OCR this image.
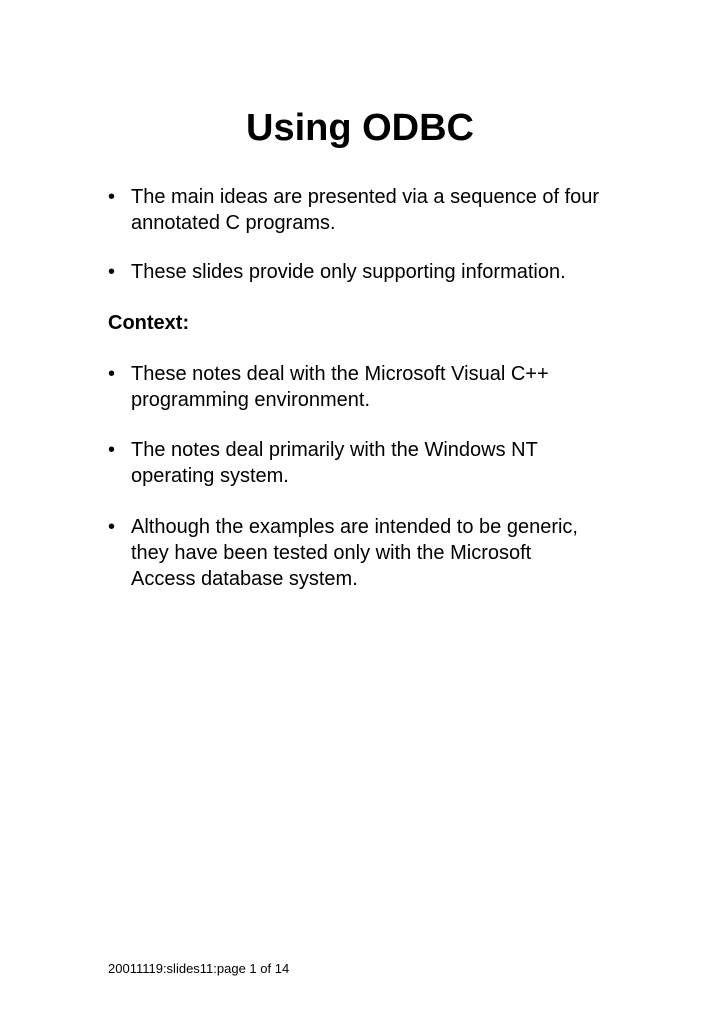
Using ODBC
• The main ideas are presented via a sequence of four annotated C programs.
• These slides provide only supporting information.
Context:
• These notes deal with the Microsoft Visual C++ programming environment.
• The notes deal primarily with the Windows NT operating system.
• Although the examples are intended to be generic, they have been tested only with the Microsoft Access database system.
20011119:slides11:page 1 of 14
